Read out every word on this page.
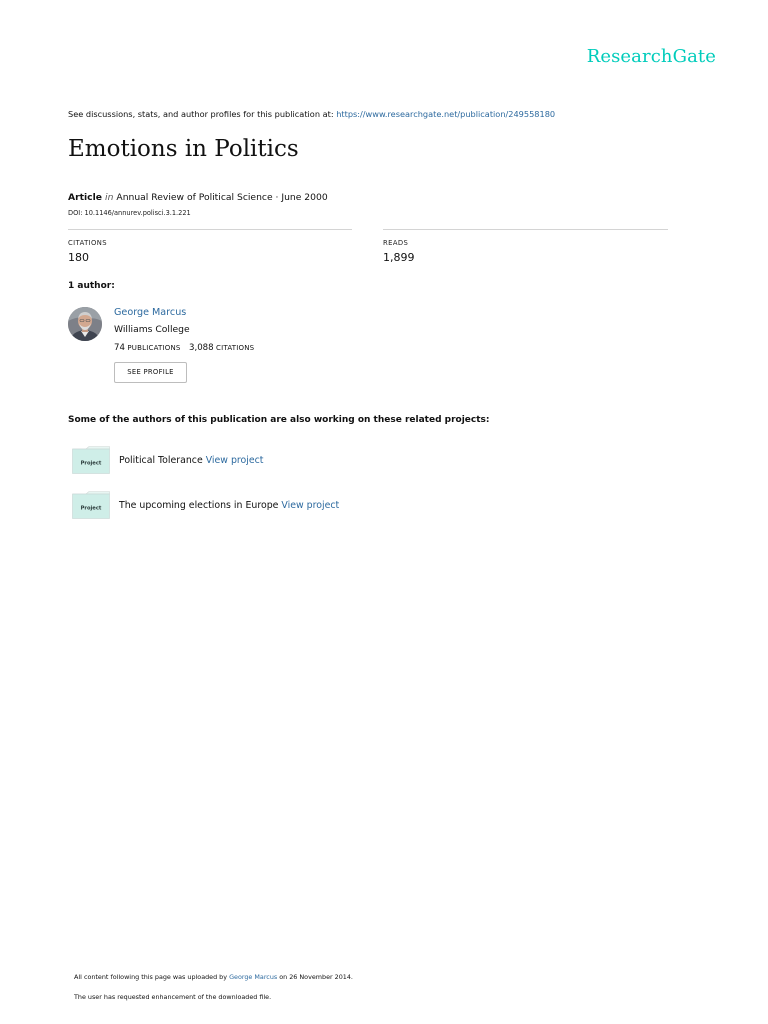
ResearchGate
See discussions, stats, and author profiles for this publication at: https://www.researchgate.net/publication/249558180
Emotions in Politics
Article in Annual Review of Political Science · June 2000
DOI: 10.1146/annurev.polisci.3.1.221
CITATIONS
180
READS
1,899
1 author:
George Marcus
Williams College
74 PUBLICATIONS 3,088 CITATIONS
SEE PROFILE
Some of the authors of this publication are also working on these related projects:
Project Political Tolerance View project
Project The upcoming elections in Europe View project
All content following this page was uploaded by George Marcus on 26 November 2014.
The user has requested enhancement of the downloaded file.
